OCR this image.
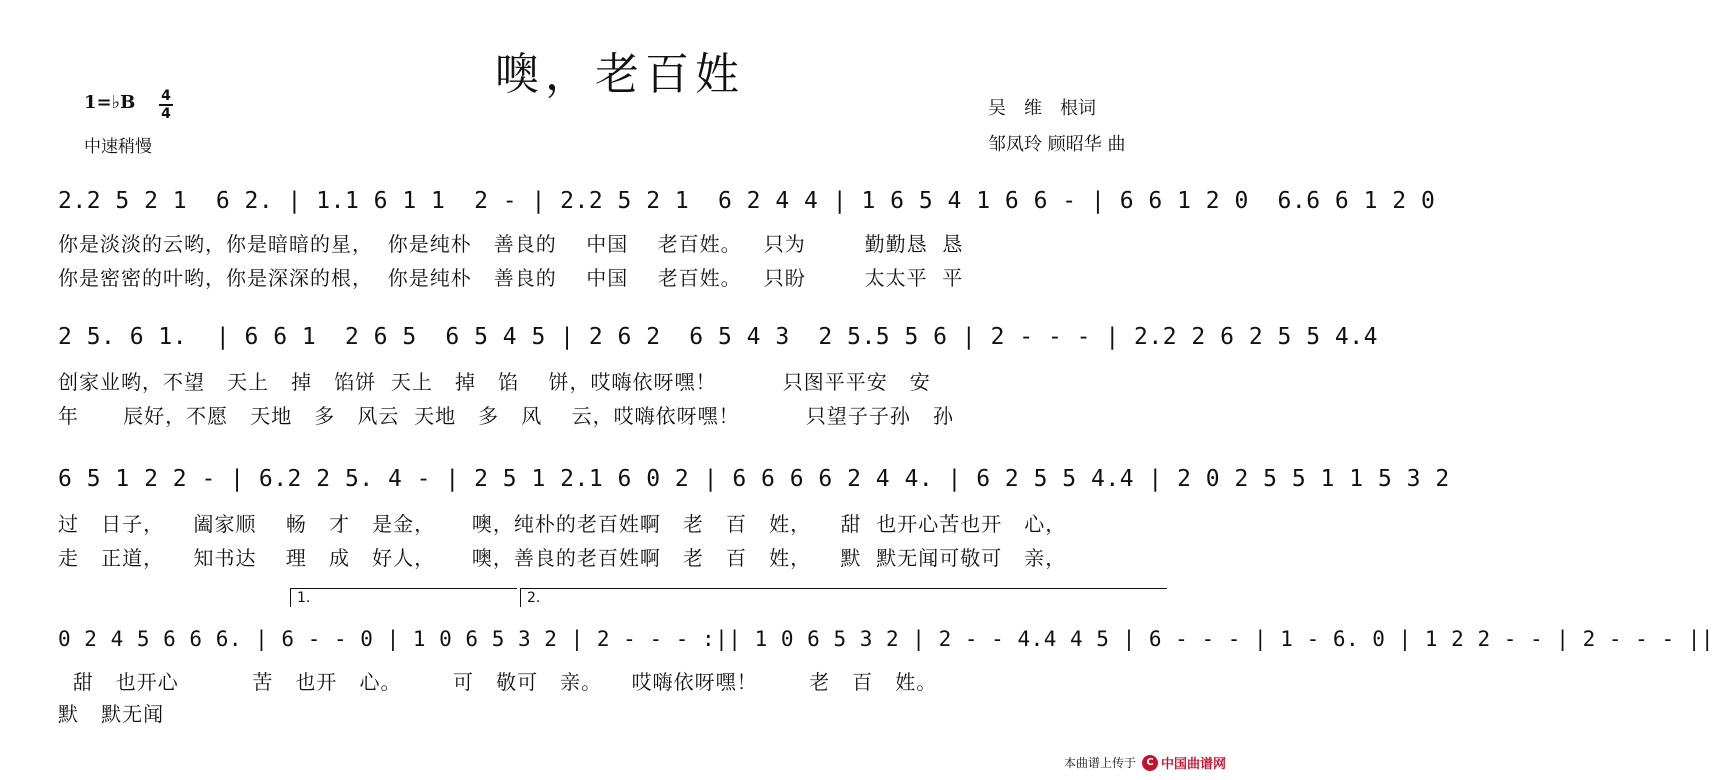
噢，老百姓
1=♭B 4
4
中速稍慢
吴　维　根词
邹凤玲 顾昭华 曲
2.2 5 2 1  6 2. | 1.1 6 1 1  2 - | 2.2 5 2 1  6 2 4 4 | 1 6 5 4 1 6 6 - | 6 6 1 2 0  6.6 6 1 2 0
你是淡淡的云哟，你是暗暗的星，  你是纯朴   善良的    中国    老百姓。   只为        勤勤恳  恳
你是密密的叶哟，你是深深的根，  你是纯朴   善良的    中国    老百姓。   只盼        太太平  平
2 5. 6 1.  | 6 6 1  2 6 5  6 5 4 5 | 2 6 2  6 5 4 3  2 5.5 5 6 | 2 - - - | 2.2 2 6 2 5 5 4.4
创家业哟，不望   天上   掉   馅饼  天上   掉   馅    饼，哎嗨依呀嘿！         只图平平安   安
年      辰好，不愿   天地   多   风云  天地   多   风    云，哎嗨依呀嘿！         只望子子孙   孙
6 5 1 2 2 - | 6.2 2 5. 4 - | 2 5 1 2.1 6 0 2 | 6 6 6 6 2 4 4. | 6 2 5 5 4.4 | 2 0 2 5 5 1 1 5 3 2
过   日子，    阖家顺    畅   才   是金，     噢，纯朴的老百姓啊   老   百   姓，    甜  也开心苦也开   心，
走   正道，    知书达    理   成   好人，     噢，善良的老百姓啊   老   百   姓，    默  默无闻可敬可   亲，
1.	2.
0 2 4 5 6 6 6. | 6 - - 0 | 1 0 6 5 3 2 | 2 - - - :|| 1 0 6 5 3 2 | 2 - - 4.4 4 5 | 6 - - - | 1 - 6. 0 | 1 2 2 - - | 2 - - - ||
甜   也开心          苦   也开   心。       可   敬可   亲。    哎嗨依呀嘿！       老   百   姓。
默   默无闻
本曲谱上传于	C 中国曲谱网
